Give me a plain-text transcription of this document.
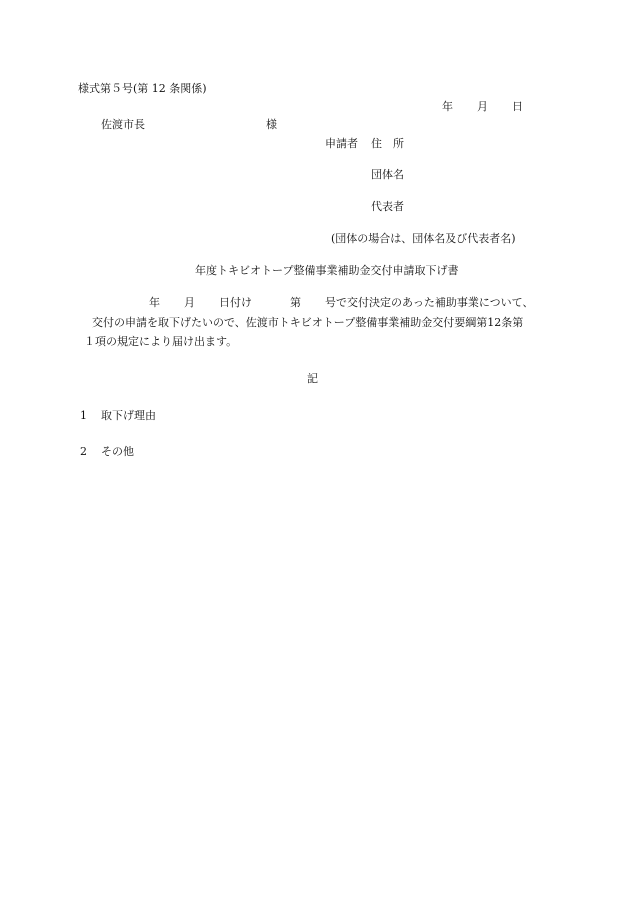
様式第５号(第 12 条関係)
年 月 日
佐渡市長	様
申請者 住　所
団体名
代表者
(団体の場合は、団体名及び代表者名)
年度トキビオトープ整備事業補助金交付申請取下げ書
年 月 日付け	第 号で交付決定のあった補助事業について、
交付の申請を取下げたいので、佐渡市トキビオトープ整備事業補助金交付要綱第12条第
１項の規定により届け出ます。
記
1 取下げ理由
2 その他
